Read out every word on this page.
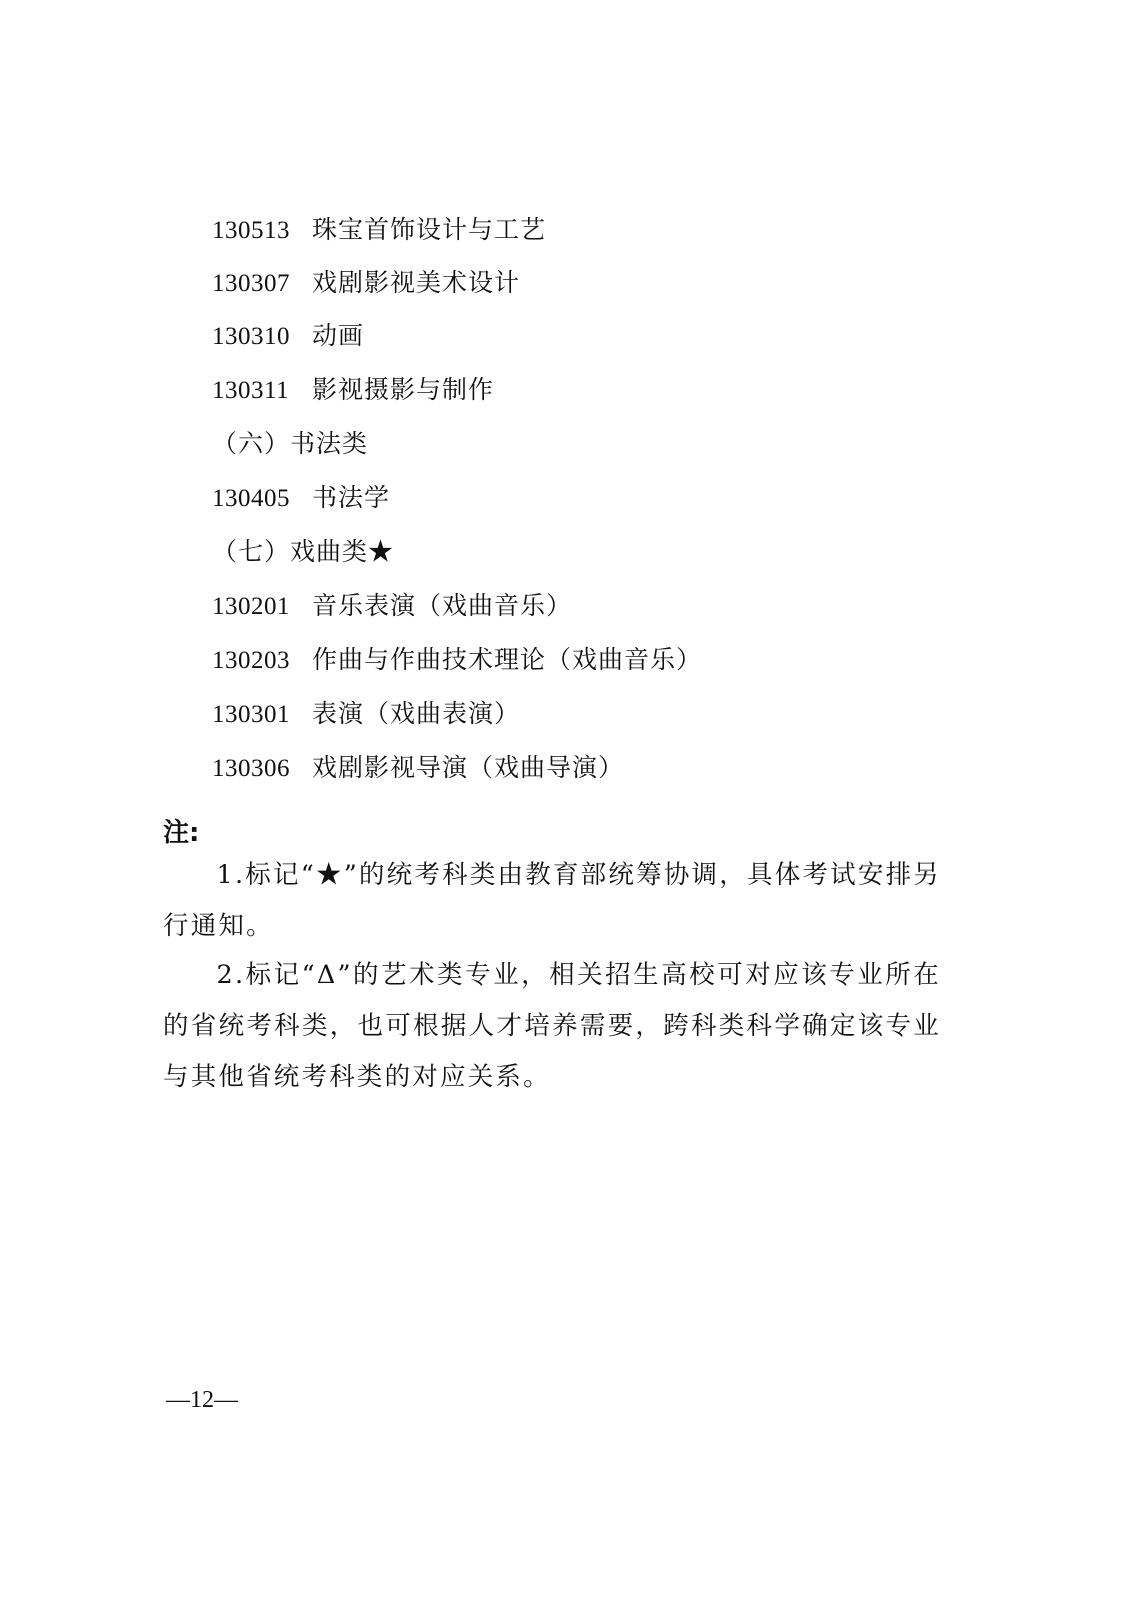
130513 珠宝首饰设计与工艺
130307 戏剧影视美术设计
130310 动画
130311 影视摄影与制作
（六）书法类
130405 书法学
（七）戏曲类★
130201 音乐表演（戏曲音乐）
130203 作曲与作曲技术理论（戏曲音乐）
130301 表演（戏曲表演）
130306 戏剧影视导演（戏曲导演）
注:
1.标记“★”的统考科类由教育部统筹协调，具体考试安排另行通知。
2.标记“Δ”的艺术类专业，相关招生高校可对应该专业所在的省统考科类，也可根据人才培养需要，跨科类科学确定该专业与其他省统考科类的对应关系。
—12—
